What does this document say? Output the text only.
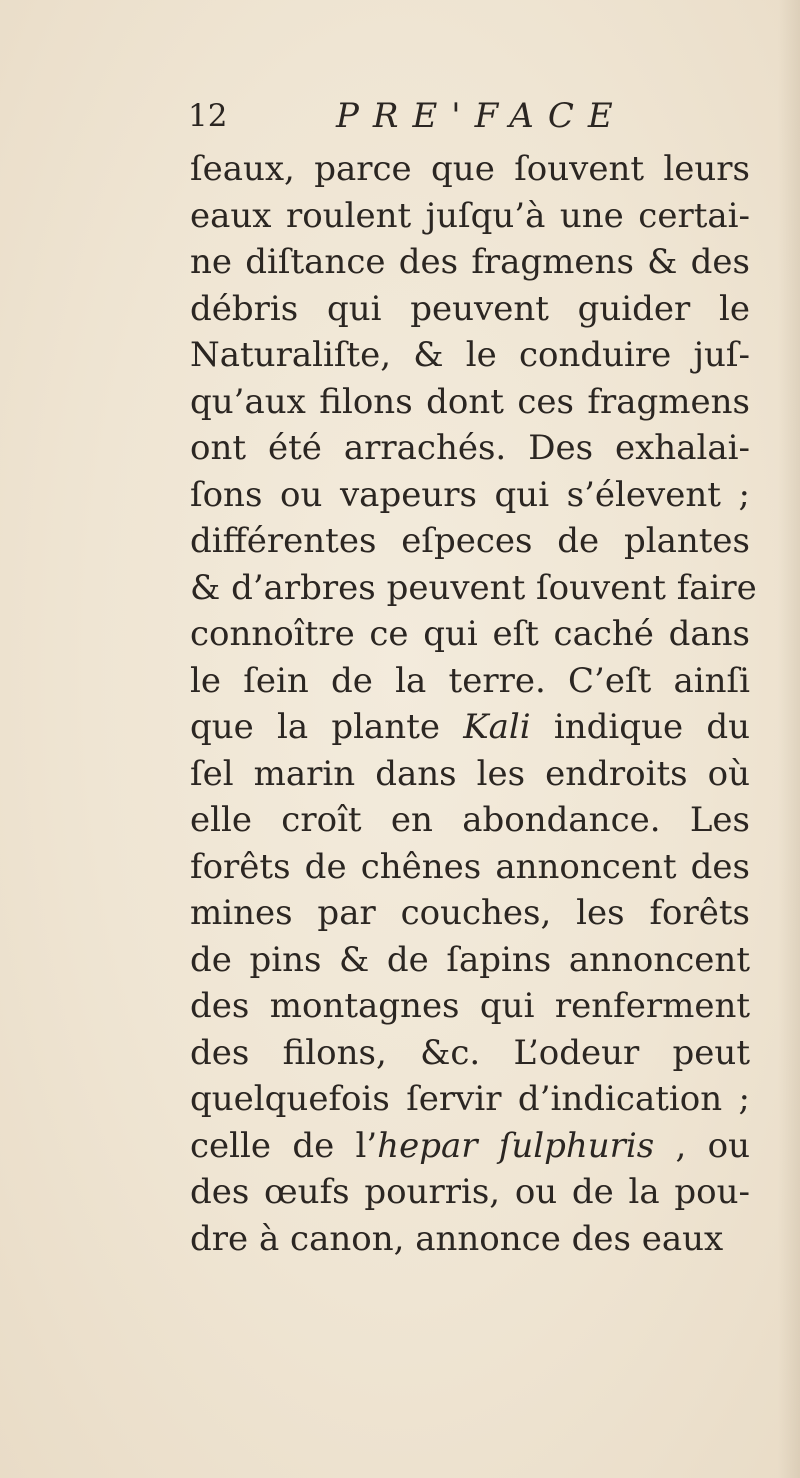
12	PRE'FACE
ſeaux, parce que ſouvent leurs
eaux roulent juſqu’à une certai-
ne diſtance des fragmens & des
débris qui peuvent guider le
Naturaliſte, & le conduire juſ-
qu’aux filons dont ces fragmens
ont été arrachés. Des exhalai-
ſons ou vapeurs qui s’élevent ;
différentes eſpeces de plantes
& d’arbres peuvent ſouvent faire
connoître ce qui eſt caché dans
le ſein de la terre. C’eſt ainſi
que la plante Kali indique du
ſel marin dans les endroits où
elle croît en abondance. Les
forêts de chênes annoncent des
mines par couches, les forêts
de pins & de ſapins annoncent
des montagnes qui renferment
des filons, &c. L’odeur peut
quelquefois ſervir d’indication ;
celle de l’hepar ſulphuris , ou
des œufs pourris, ou de la pou-
dre à canon, annonce des eaux
